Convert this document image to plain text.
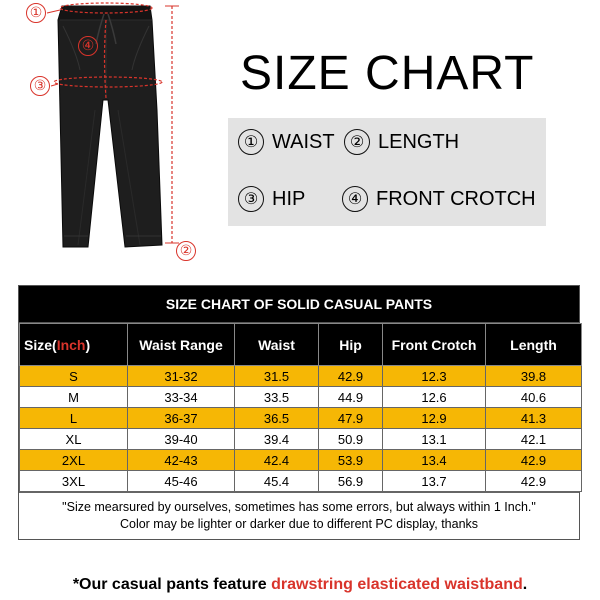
①
④
③
②
SIZE CHART
① WAIST ② LENGTH
③ HIP	④ FRONT CROTCH
SIZE CHART OF SOLID CASUAL PANTS
Size(Inch)	Waist Range	Waist	Hip	Front Crotch	Length
S	31-32	31.5	42.9	12.3	39.8
M	33-34	33.5	44.9	12.6	40.6
L	36-37	36.5	47.9	12.9	41.3
XL	39-40	39.4	50.9	13.1	42.1
2XL	42-43	42.4	53.9	13.4	42.9
3XL	45-46	45.4	56.9	13.7	42.9
"Size mearsured by ourselves, sometimes has some errors, but always within 1 Inch."
Color may be lighter or darker due to different PC display, thanks
*Our casual pants feature drawstring elasticated waistband.
